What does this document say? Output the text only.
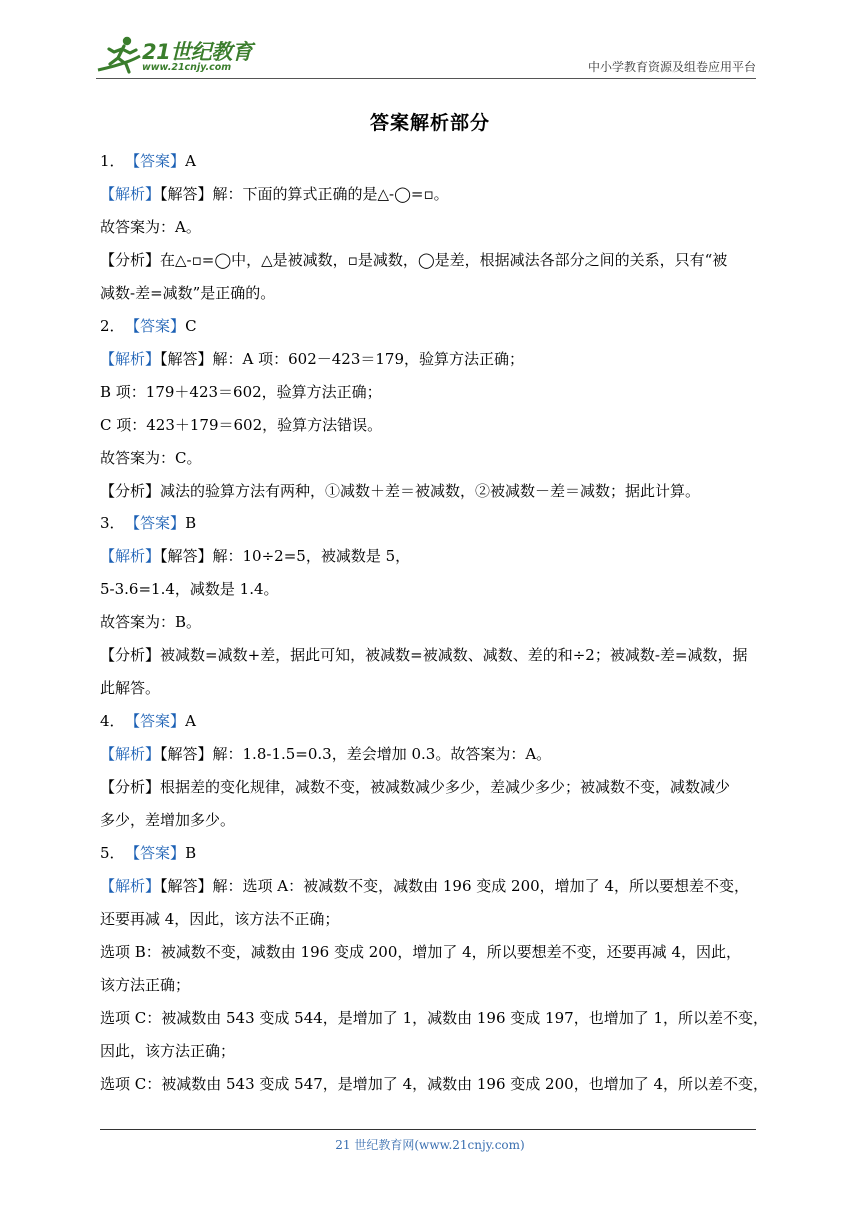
21世纪教育
www.21cnjy.com	中小学教育资源及组卷应用平台
答案解析部分
1． 【答案】A
【解析】【解答】解：下面的算式正确的是△-◯=▫。
故答案为：A。
【分析】在△-▫=◯中，△是被减数，▫是减数，◯是差，根据减法各部分之间的关系，只有“被
减数-差=减数”是正确的。
2． 【答案】C
【解析】【解答】解：A 项：602－423＝179，验算方法正确；
B 项：179＋423＝602，验算方法正确；
C 项：423＋179＝602，验算方法错误。
故答案为：C。
【分析】减法的验算方法有两种，①减数＋差＝被减数，②被减数－差＝减数；据此计算。
3． 【答案】B
【解析】【解答】解：10÷2=5，被减数是 5，
5-3.6=1.4，减数是 1.4。
故答案为：B。
【分析】被减数=减数+差，据此可知，被减数=被减数、减数、差的和÷2；被减数-差=减数，据
此解答。
4． 【答案】A
【解析】【解答】解：1.8-1.5=0.3，差会增加 0.3。故答案为：A。
【分析】根据差的变化规律，减数不变，被减数减少多少，差减少多少；被减数不变，减数减少
多少，差增加多少。
5． 【答案】B
【解析】【解答】解：选项 A：被减数不变，减数由 196 变成 200，增加了 4，所以要想差不变，
还要再减 4，因此，该方法不正确；
选项 B：被减数不变，减数由 196 变成 200，增加了 4，所以要想差不变，还要再减 4，因此，
该方法正确；
选项 C：被减数由 543 变成 544，是增加了 1，减数由 196 变成 197，也增加了 1，所以差不变，
因此，该方法正确；
选项 C：被减数由 543 变成 547，是增加了 4，减数由 196 变成 200，也增加了 4，所以差不变，
21 世纪教育网(www.21cnjy.com)
